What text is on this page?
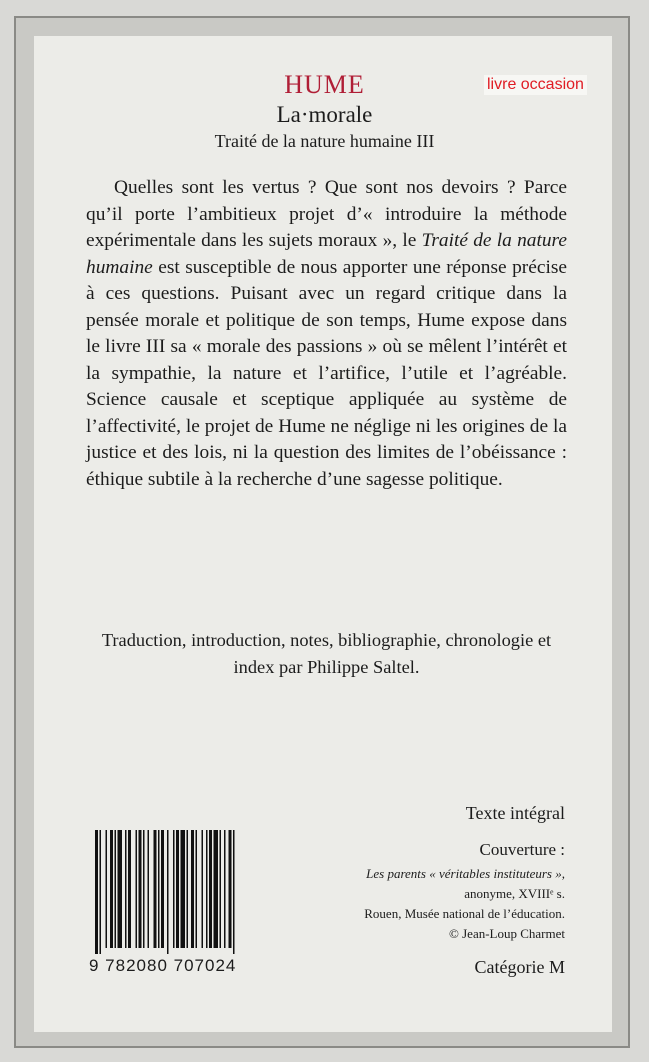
livre occasion
HUME
La·morale
Traité de la nature humaine III

Quelles sont les vertus ? Que sont nos devoirs ? Parce qu’il porte l’ambitieux projet d’« introduire la méthode expérimentale dans les sujets moraux », le Traité de la nature humaine est susceptible de nous apporter une réponse précise à ces questions. Puisant avec un regard critique dans la pensée morale et politique de son temps, Hume expose dans le livre III sa « morale des passions » où se mêlent l’intérêt et la sympathie, la nature et l’artifice, l’utile et l’agréable. Science causale et sceptique appliquée au système de l’affectivité, le projet de Hume ne néglige ni les origines de la justice et des lois, ni la question des limites de l’obéissance : éthique subtile à la recherche d’une sagesse politique.

Traduction, introduction, notes, bibliographie, chronologie et index par Philippe Saltel.

Texte intégral
Couverture :
Les parents « véritables instituteurs »,
anonyme, XVIIIᵉ s.
Rouen, Musée national de l’éducation.
© Jean-Loup Charmet
Catégorie M
9 782080 707024
